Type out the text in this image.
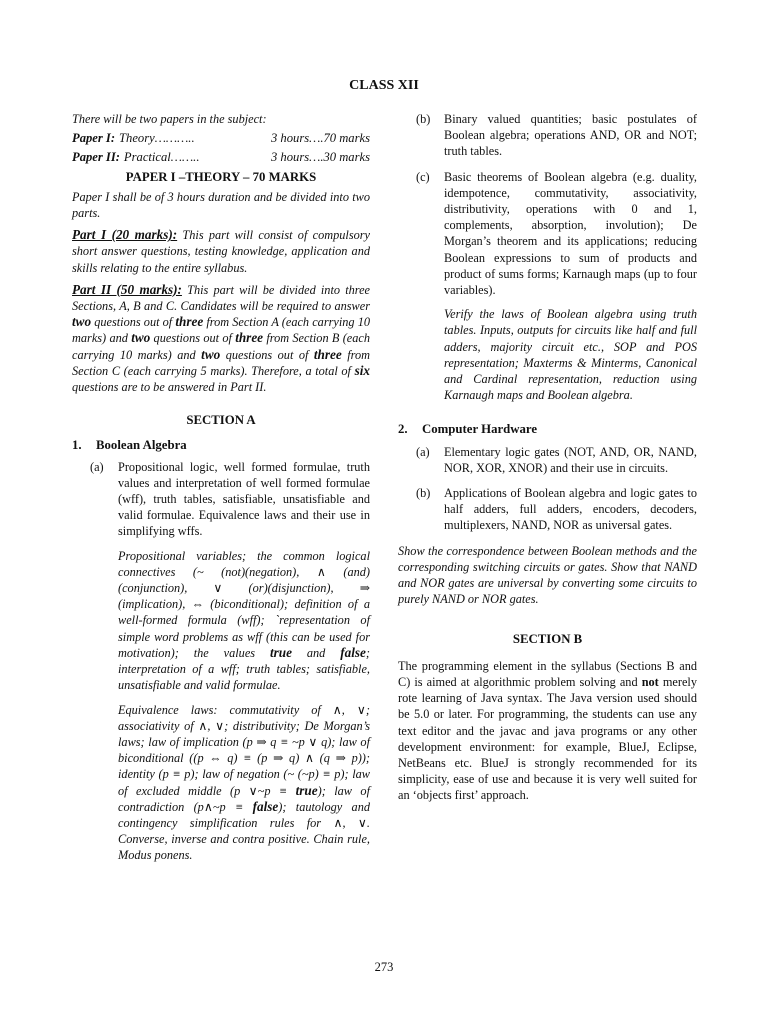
CLASS XII

There will be two papers in the subject:

Paper I: Theory………..	3 hours….70 marks
Paper II: Practical……..	3 hours….30 marks

PAPER I –THEORY – 70 MARKS

Paper I shall be of 3 hours duration and be divided into two parts.

Part I (20 marks): This part will consist of compulsory short answer questions, testing knowledge, application and skills relating to the entire syllabus.

Part II (50 marks): This part will be divided into three Sections, A, B and C. Candidates will be required to answer two questions out of three from Section A (each carrying 10 marks) and two questions out of three from Section B (each carrying 10 marks) and two questions out of three from Section C (each carrying 5 marks). Therefore, a total of six questions are to be answered in Part II.

SECTION A

1.	Boolean Algebra
(a)	Propositional logic, well formed formulae, truth values and interpretation of well formed formulae (wff), truth tables, satisfiable, unsatisfiable and valid formulae. Equivalence laws and their use in simplifying wffs.

Propositional variables; the common logical connectives (~ (not)(negation), ∧ (and)(conjunction), ∨ (or)(disjunction), ⇒ (implication), ⇔ (biconditional); definition of a well-formed formula (wff); `representation of simple word problems as wff (this can be used for motivation); the values true and false; interpretation of a wff; truth tables; satisfiable, unsatisfiable and valid formulae.

Equivalence laws: commutativity of ∧, ∨; associativity of ∧, ∨; distributivity; De Morgan’s laws; law of implication (p ⇒ q ≡ ~p ∨ q); law of biconditional ((p ⇔ q) ≡ (p ⇒ q) ∧ (q ⇒ p)); identity (p ≡ p); law of negation (~ (~p) ≡ p); law of excluded middle (p ∨~p ≡ true); law of contradiction (p∧~p ≡ false); tautology and contingency simplification rules for ∧, ∨. Converse, inverse and contra positive. Chain rule, Modus ponens.

(b)	Binary valued quantities; basic postulates of Boolean algebra; operations AND, OR and NOT; truth tables.

(c)	Basic theorems of Boolean algebra (e.g. duality, idempotence, commutativity, associativity, distributivity, operations with 0 and 1, complements, absorption, involution); De Morgan’s theorem and its applications; reducing Boolean expressions to sum of products and product of sums forms; Karnaugh maps (up to four variables).

Verify the laws of Boolean algebra using truth tables. Inputs, outputs for circuits like half and full adders, majority circuit etc., SOP and POS representation; Maxterms & Minterms, Canonical and Cardinal representation, reduction using Karnaugh maps and Boolean algebra.

2.	Computer Hardware
(a)	Elementary logic gates (NOT, AND, OR, NAND, NOR, XOR, XNOR) and their use in circuits.

(b)	Applications of Boolean algebra and logic gates to half adders, full adders, encoders, decoders, multiplexers, NAND, NOR as universal gates.

Show the correspondence between Boolean methods and the corresponding switching circuits or gates. Show that NAND and NOR gates are universal by converting some circuits to purely NAND or NOR gates.

SECTION B

The programming element in the syllabus (Sections B and C) is aimed at algorithmic problem solving and not merely rote learning of Java syntax. The Java version used should be 5.0 or later. For programming, the students can use any text editor and the javac and java programs or any other development environment: for example, BlueJ, Eclipse, NetBeans etc. BlueJ is strongly recommended for its simplicity, ease of use and because it is very well suited for an ‘objects first’ approach.

273
